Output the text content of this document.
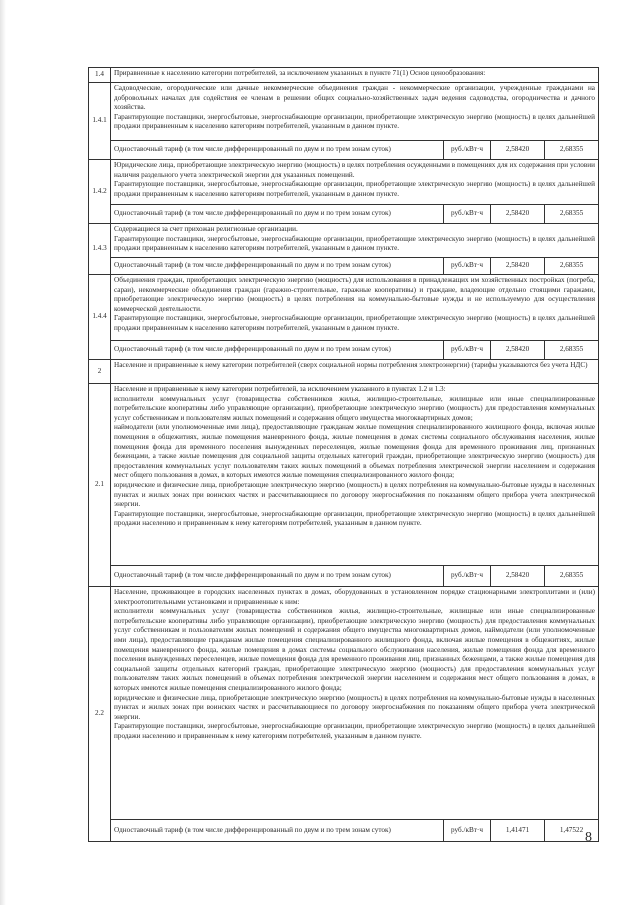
1.4	Приравненные к населению категории потребителей, за исключением указанных в пункте 71(1) Основ ценообразования:			
1.4.1	Садоводческие, огороднические или дачные некоммерческие объединения граждан - некоммерческие организации, учрежденные гражданами на добровольных началах для содействия ее членам в решении общих социально-хозяйственных задач ведения садоводства, огородничества и дачного хозяйства.
Гарантирующие поставщики, энергосбытовые, энергоснабжающие организации, приобретающие электрическую энергию (мощность) в целях дальнейшей продажи приравненным к населению категориям потребителей, указанным в данном пункте.			

	Одноставочный тариф (в том числе дифференцированный по двум и по трем зонам суток)	руб./кВт·ч	2,58420	2,68355
1.4.2	Юридические лица, приобретающие электрическую энергию (мощность) в целях потребления осужденными в помещениях для их содержания при условии наличия раздельного учета электрической энергии для указанных помещений.
Гарантирующие поставщики, энергосбытовые, энергоснабжающие организации, приобретающие электрическую энергию (мощность) в целях дальнейшей продажи приравненным к населению категориям потребителей, указанным в данном пункте.			

	Одноставочный тариф (в том числе дифференцированный по двум и по трем зонам суток)	руб./кВт·ч	2,58420	2,68355
1.4.3	Содержащиеся за счет прихожан религиозные организации.
Гарантирующие поставщики, энергосбытовые, энергоснабжающие организации, приобретающие электрическую энергию (мощность) в целях дальнейшей продажи приравненным к населению категориям потребителей, указанным в данном пункте.			

	Одноставочный тариф (в том числе дифференцированный по двум и по трем зонам суток)	руб./кВт·ч	2,58420	2,68355
1.4.4	Объединения граждан, приобретающих электрическую энергию (мощность) для использования в принадлежащих им хозяйственных постройках (погреба, сараи), некоммерческие объединения граждан (гаражно-строительные, гаражные кооперативы) и граждане, владеющие отдельно стоящими гаражами, приобретающие электрическую энергию (мощность) в целях потребления на коммунально-бытовые нужды и не используемую для осуществления коммерческой деятельности.
Гарантирующие поставщики, энергосбытовые, энергоснабжающие организации, приобретающие электрическую энергию (мощность) в целях дальнейшей продажи приравненным к населению категориям потребителей, указанным в данном пункте.			

	Одноставочный тариф (в том числе дифференцированный по двум и по трем зонам суток)	руб./кВт·ч	2,58420	2,68355
2	Население и приравненные к нему категории потребителей (сверх социальной нормы потребления электроэнергии) (тарифы указываются без учета НДС)			
2.1	Население и приравненные к нему категории потребителей, за исключением указанного в пунктах 1.2 и 1.3:
исполнители коммунальных услуг (товарищества собственников жилья, жилищно-строительные, жилищные или иные специализированные потребительские кооперативы либо управляющие организации), приобретающие электрическую энергию (мощность) для предоставления коммунальных услуг собственникам и пользователям жилых помещений и содержания общего имущества многоквартирных домов;
наймодатели (или уполномоченные ими лица), предоставляющие гражданам жилые помещения специализированного жилищного фонда, включая жилые помещения в общежитиях, жилые помещения маневренного фонда, жилые помещения в домах системы социального обслуживания населения, жилые помещения фонда для временного поселения вынужденных переселенцев, жилые помещения фонда для временного проживания лиц, признанных беженцами, а также жилые помещения для социальной защиты отдельных категорий граждан, приобретающие электрическую энергию (мощность) для предоставления коммунальных услуг пользователям таких жилых помещений в объемах потребления электрической энергии населением и содержания мест общего пользования в домах, в которых имеются жилые помещения специализированного жилого фонда;
юридические и физические лица, приобретающие электрическую энергию (мощность) в целях потребления на коммунально-бытовые нужды в населенных пунктах и жилых зонах при воинских частях и рассчитывающиеся по договору энергоснабжения по показаниям общего прибора учета электрической энергии.
Гарантирующие поставщики, энергосбытовые, энергоснабжающие организации, приобретающие электрическую энергию (мощность) в целях дальнейшей продажи населению и приравненным к нему категориям потребителей, указанным в данном пункте.			

	Одноставочный тариф (в том числе дифференцированный по двум и по трем зонам суток)	руб./кВт·ч	2,58420	2,68355
2.2	Население, проживающее в городских населенных пунктах в домах, оборудованных в установленном порядке стационарными электроплитами и (или) электроотопительными установками и приравненные к ним:
исполнители коммунальных услуг (товарищества собственников жилья, жилищно-строительные, жилищные или иные специализированные потребительские кооперативы либо управляющие организации), приобретающие электрическую энергию (мощность) для предоставления коммунальных услуг собственникам и пользователям жилых помещений и содержания общего имущества многоквартирных домов, наймодатели (или уполномоченные ими лица), предоставляющие гражданам жилые помещения специализированного жилищного фонда, включая жилые помещения в общежитиях, жилые помещения маневренного фонда, жилые помещения в домах системы социального обслуживания населения, жилые помещения фонда для временного поселения вынужденных переселенцев, жилые помещения фонда для временного проживания лиц, признанных беженцами, а также жилые помещения для социальной защиты отдельных категорий граждан, приобретающие электрическую энергию (мощность) для предоставления коммунальных услуг пользователям таких жилых помещений в объемах потребления электрической энергии населением и содержания мест общего пользования в домах, в которых имеются жилые помещения специализированного жилого фонда;
юридические и физические лица, приобретающие электрическую энергию (мощность) в целях потребления на коммунально-бытовые нужды в населенных пунктах и жилых зонах при воинских частях и рассчитывающиеся по договору энергоснабжения по показаниям общего прибора учета электрической энергии.
Гарантирующие поставщики, энергосбытовые, энергоснабжающие организации, приобретающие электрическую энергию (мощность) в целях дальнейшей продажи населению и приравненным к нему категориям потребителей, указанным в данном пункте.			

	Одноставочный тариф (в том числе дифференцированный по двум и по трем зонам суток)	руб./кВт·ч	1,41471	1,47522
8
